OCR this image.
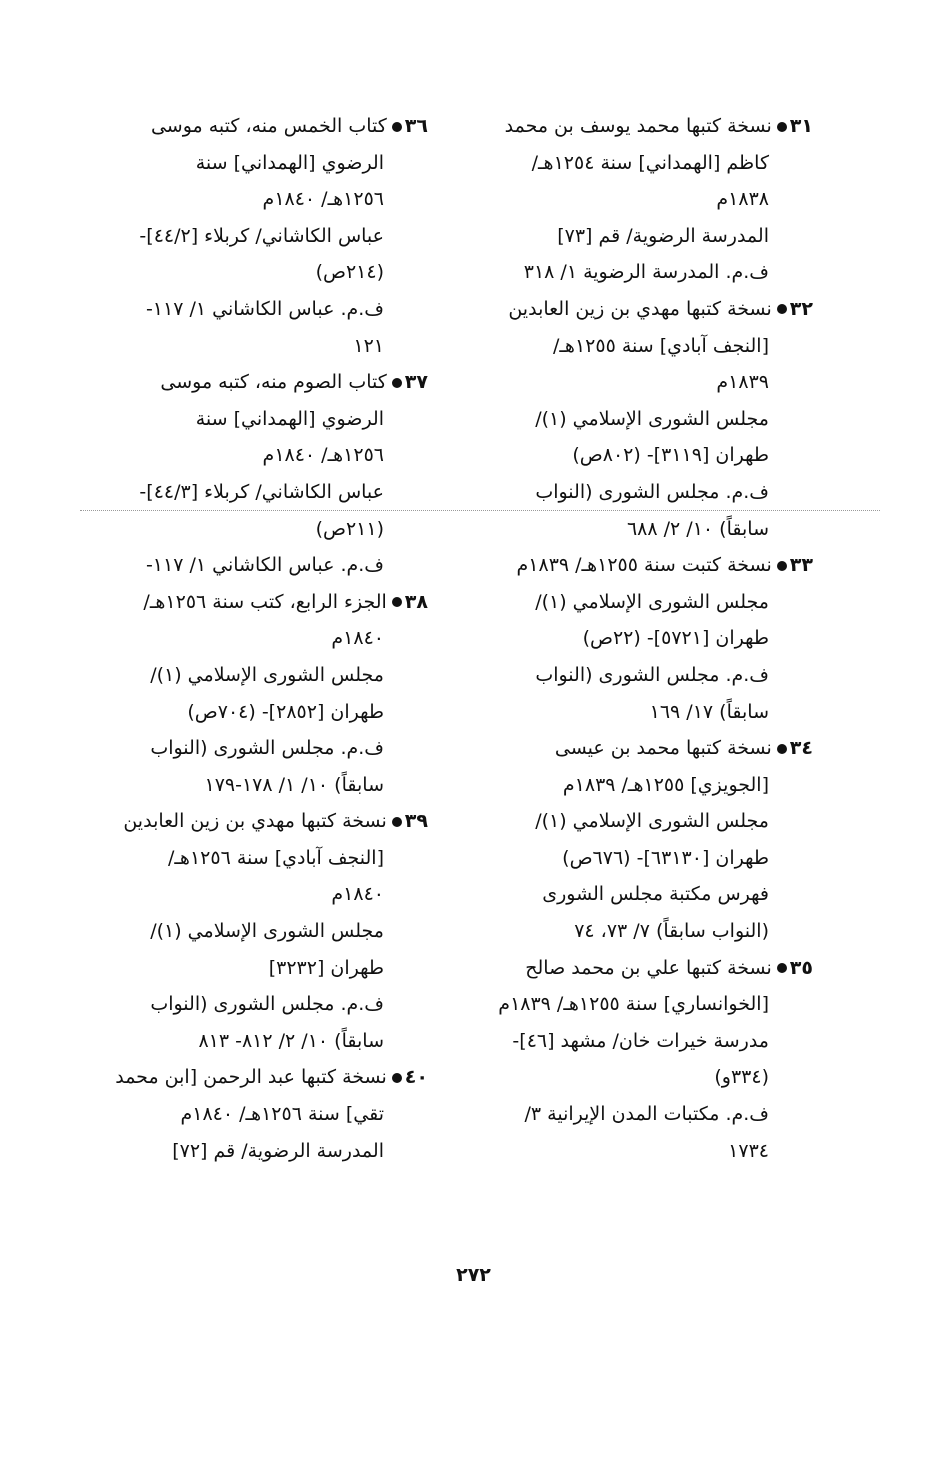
٣١نسخة كتبها محمد يوسف بن محمد
كاظم [الهمداني] سنة ١٢٥٤هـ/
١٨٣٨م
المدرسة الرضوية/ قم [٧٣]
ف.م. المدرسة الرضوية ١/ ٣١٨
٣٢نسخة كتبها مهدي بن زين العابدين
[النجف آبادي] سنة ١٢٥٥هـ/
١٨٣٩م
مجلس الشورى الإسلامي (١)/
طهران [٣١١٩]- (٨٠٢ص)
ف.م. مجلس الشورى (النواب
سابقاً) ١٠/ ٢/ ٦٨٨
٣٣نسخة كتبت سنة ١٢٥٥هـ/ ١٨٣٩م
مجلس الشورى الإسلامي (١)/
طهران [٥٧٢١]- (٢٢ص)
ف.م. مجلس الشورى (النواب
سابقاً) ١٧/ ١٦٩
٣٤نسخة كتبها محمد بن عيسى
[الجويزي] ١٢٥٥هـ/ ١٨٣٩م
مجلس الشورى الإسلامي (١)/
طهران [٦٣١٣٠]- (٦٧٦ص)
فهرس مكتبة مجلس الشورى
(النواب سابقاً) ٧/ ٧٣، ٧٤
٣٥نسخة كتبها علي بن محمد صالح
[الخوانساري] سنة ١٢٥٥هـ/ ١٨٣٩م
مدرسة خيرات خان/ مشهد [٤٦]-
(٣٣٤و)
ف.م. مكتبات المدن الإيرانية ٣/
١٧٣٤
٣٦كتاب الخمس منه، كتبه موسى
الرضوي [الهمداني] سنة
١٢٥٦هـ/ ١٨٤٠م
عباس الكاشاني/ كربلاء [٤٤/٢]-
(٢١٤ص)
ف.م. عباس الكاشاني ١/ ١١٧-
١٢١
٣٧كتاب الصوم منه، كتبه موسى
الرضوي [الهمداني] سنة
١٢٥٦هـ/ ١٨٤٠م
عباس الكاشاني/ كربلاء [٤٤/٣]-
(٢١١ص)
ف.م. عباس الكاشاني ١/ ١١٧-
٣٨الجزء الرابع، كتب سنة ١٢٥٦هـ/
١٨٤٠م
مجلس الشورى الإسلامي (١)/
طهران [٢٨٥٢]- (٧٠٤ص)
ف.م. مجلس الشورى (النواب
سابقاً) ١٠/ ١/ ١٧٨-١٧٩
٣٩نسخة كتبها مهدي بن زين العابدين
[النجف آبادي] سنة ١٢٥٦هـ/
١٨٤٠م
مجلس الشورى الإسلامي (١)/
طهران [٣٢٣٢]
ف.م. مجلس الشورى (النواب
سابقاً) ١٠/ ٢/ ٨١٢- ٨١٣
٤٠نسخة كتبها عبد الرحمن [ابن محمد
تقي] سنة ١٢٥٦هـ/ ١٨٤٠م
المدرسة الرضوية/ قم [٧٢]
٢٧٢
